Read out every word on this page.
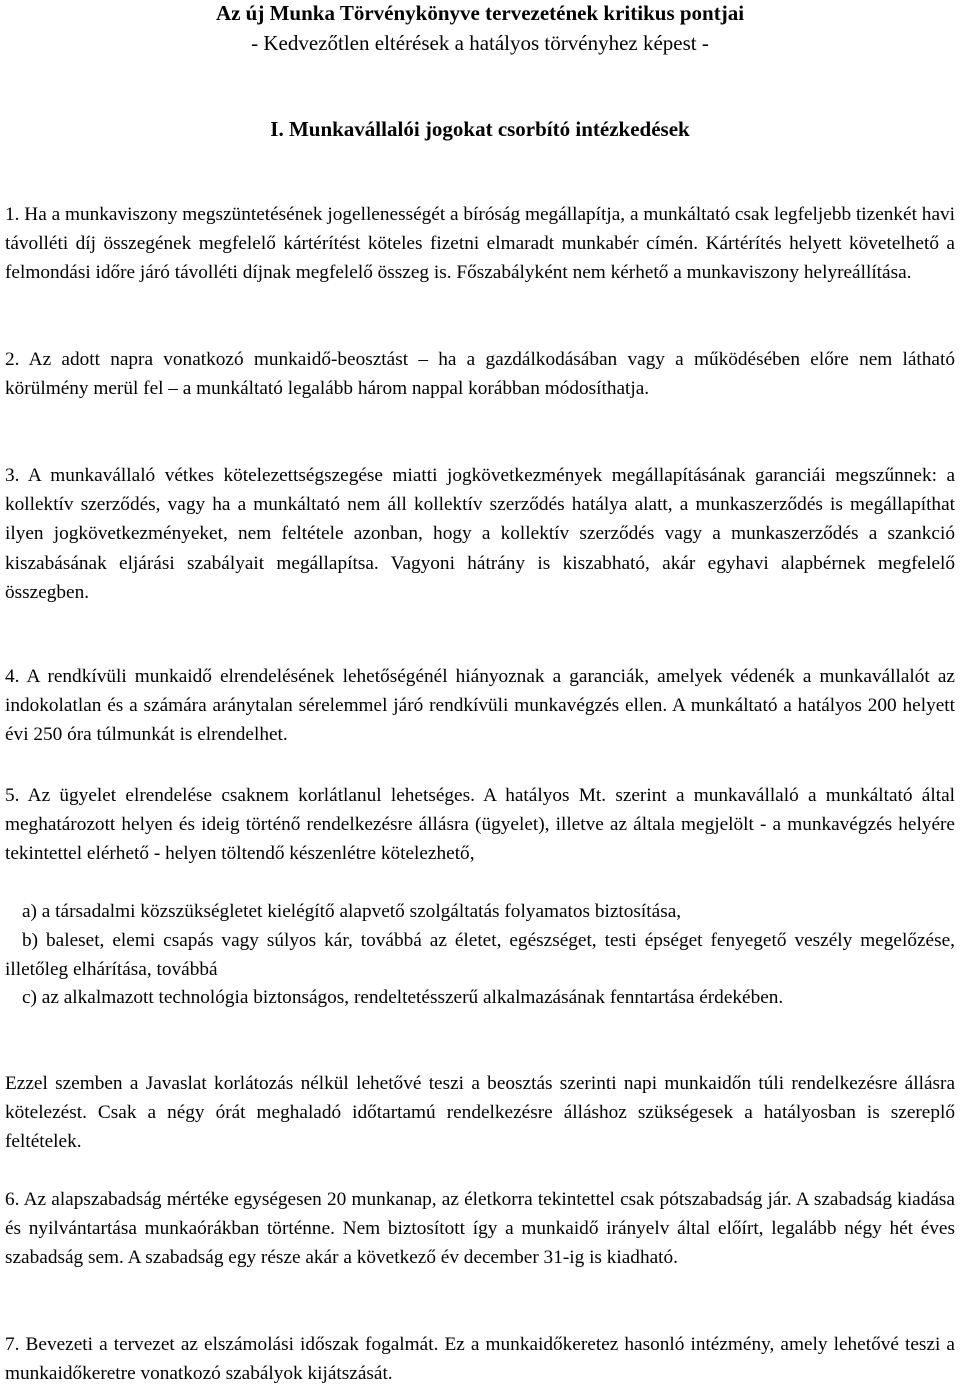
Az új Munka Törvénykönyve tervezetének kritikus pontjai
- Kedvezőtlen eltérések a hatályos törvényhez képest -
I. Munkavállalói jogokat csorbító intézkedések

1. Ha a munkaviszony megszüntetésének jogellenességét a bíróság megállapítja, a munkáltató csak legfeljebb tizenkét havi távolléti díj összegének megfelelő kártérítést köteles fizetni elmaradt munkabér címén. Kártérítés helyett követelhető a felmondási időre járó távolléti díjnak megfelelő összeg is. Főszabályként nem kérhető a munkaviszony helyreállítása.

2. Az adott napra vonatkozó munkaidő-beosztást – ha a gazdálkodásában vagy a működésében előre nem látható körülmény merül fel – a munkáltató legalább három nappal korábban módosíthatja.

3. A munkavállaló vétkes kötelezettségszegése miatti jogkövetkezmények megállapításának garanciái megszűnnek: a kollektív szerződés, vagy ha a munkáltató nem áll kollektív szerződés hatálya alatt, a munkaszerződés is megállapíthat ilyen jogkövetkezményeket, nem feltétele azonban, hogy a kollektív szerződés vagy a munkaszerződés a szankció kiszabásának eljárási szabályait megállapítsa. Vagyoni hátrány is kiszabható, akár egyhavi alapbérnek megfelelő összegben.

4. A rendkívüli munkaidő elrendelésének lehetőségénél hiányoznak a garanciák, amelyek védenék a munkavállalót az indokolatlan és a számára aránytalan sérelemmel járó rendkívüli munkavégzés ellen. A munkáltató a hatályos 200 helyett évi 250 óra túlmunkát is elrendelhet.

5. Az ügyelet elrendelése csaknem korlátlanul lehetséges. A hatályos Mt. szerint a munkavállaló a munkáltató által meghatározott helyen és ideig történő rendelkezésre állásra (ügyelet), illetve az általa megjelölt - a munkavégzés helyére tekintettel elérhető - helyen töltendő készenlétre kötelezhető,

a) a társadalmi közszükségletet kielégítő alapvető szolgáltatás folyamatos biztosítása,

b) baleset, elemi csapás vagy súlyos kár, továbbá az életet, egészséget, testi épséget fenyegető veszély megelőzése, illetőleg elhárítása, továbbá

c) az alkalmazott technológia biztonságos, rendeltetésszerű alkalmazásának fenntartása érdekében.

Ezzel szemben a Javaslat korlátozás nélkül lehetővé teszi a beosztás szerinti napi munkaidőn túli rendelkezésre állásra kötelezést. Csak a négy órát meghaladó időtartamú rendelkezésre álláshoz szükségesek a hatályosban is szereplő feltételek.

6. Az alapszabadság mértéke egységesen 20 munkanap, az életkorra tekintettel csak pótszabadság jár. A szabadság kiadása és nyilvántartása munkaórákban történne. Nem biztosított így a munkaidő irányelv által előírt, legalább négy hét éves szabadság sem. A szabadság egy része akár a következő év december 31-ig is kiadható.

7. Bevezeti a tervezet az elszámolási időszak fogalmát. Ez a munkaidőkeretez hasonló intézmény, amely lehetővé teszi a munkaidőkeretre vonatkozó szabályok kijátszását.
